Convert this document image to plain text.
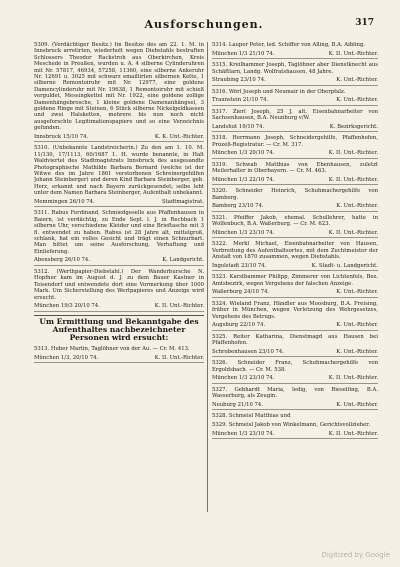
Ausforschungen.	317
5309. (Verdächtiger Besitz.) Im Besitze des am 22. 1. M. in Innsbruck arretirten, wiederholt wegen Diebstahls bestraften Schlossers Theodor Rackstroh aus Oberkirchen, Kreis Meschede in Preußen, wurden u. A. 4 silberne Cylinderuhren mit Nr. 57817, 46934, 57258, 11360, eine silberne Ankeruhr Nr. 12691 u. 3025 mit schwarz emaillirten silbernen Kette, 1 silberne Remontoiruhr mit Nr. 12977, eine goldene Damencylinderuhr mit Nr. 19638, 1 Remontoiruhr mit schieß verguldet, Messingkettel mit Nr. 1922, eine goldene zollige Damenhängebrosche, 1 kleine goldene Damenanhängsel, 3 goldene Ringe mit Steinen, 6 Stück silberne Nickelgeldkassen und zwei Halsketten, mehrere bis nun noch nicht ausgeforschte Legitimationspapiere und so eine Verzeichnis gefunden.
Innsbruck 15/10 74.	K. K. Unt.-Richter.
5310. (Unbekannte Landstreicherin.) Zu den am 1. 10. M. 11/130, 17/1113, 60/1687 1. H. wurde benannte, in Halt Waldviertel des Stadtmagistrats Innsbruck des ausgesandte Photographische Mathilde Barbara Bernard (welche ist der Witwe des im Jahre 1861 verstorbenen Schreinergehilfen Johann Steinberger) und deren Kind Barbara Steinberger, geb. Herz, erkannt und nach Bayern zurückgesendet; selbe lebt unter dem Namen Barbara Steinberger, Aufenthalt unbekannt.
Memmingen 26/10 74.	Stadtmagistrat.
5311. Rabus Ferdinand, Schmiedgeselle aus Pfaffenhausen in Baiern, ist verdächtig, zu Ende Sept. l. J. in Rechbach 1 silberne Uhr, verschiedene Kleider und eine Brieftasche mit 3 fl. entwendet zu haben. Rabus ist 28 Jahre alt, mittelgroß, schlank, hat ein volles Gesicht und trägt einen Schnurbart. Man bittet um seine Ausforschung, Verhaftung und Einlieferung.
Abensberg 26/10 74.	K. Landgericht.
5312. (Werthpapier-Diebstahl.) Der Wanderbursche N. Hopfner kam im August d. J. zu dem Bauer Kastner in Teisendorf und entwendete dort eine Vormerkung über 1000 Mark. Um Sicherstellung des Wertpapieres und Anzeige wird ersucht.
München 19/3 20/10 74.	K. II. Unt.-Richter.
Um Ermittlung und Bekanntgabe des Aufenthaltes nachbezeichneter Personen wird ersucht:
5313. Huber Martin, Taglöhner von der Au. — Cr. M. 413.
München 1/3, 20/10 74.	K. II. Unt.-Richter.
5314. Lauper Peter, led. Schiffer von Alling, B.A. Aibling.
München 1/3 21/10 74.	K. II. Unt.-Richter.
5315. Kreilhammer Joseph, Taglöhner aber Dienstknecht aus Schäftlarn, Landg. Wolfratshausen, 48 Jahre.
Straubing 23/10 74.	K. Unt.-Richter.
5316. Wörl Joseph und Neumair in der Oberpfalz.
Traunstein 21/10 74.	K. Unt.-Richter.
5317. Zierl Joseph, 25 J. alt, Eisenbahnarbeiter von Sachsenhausen, B.A. Neunburg v/W.
Landshut 19/10 74.	K. Bezirksgericht.
5318. Herrmann Joseph, Schneidergehilfe, Pfaffenhofen, Prozeß-Registratur. — Cr. M. 317.
München 1/3 20/10 74.	K. II. Unt.-Richter.
5319. Schwab Matthias von Ebenhausen, zuletzt Meilerhalter in Oberbayern. — Cr. M. 463.
München 1/3 22/10 74.	K. II. Unt.-Richter.
5320. Schneider Heinrich, Schuhmachergehilfe von Bamberg.
Bamberg 23/10 74.	K. Unt.-Richter.
5321. Pfeiffer Jakob, ehemal. Schullehrer, hatte in Wolfenbuch, B.A. Waßerburg. — Cr. M. 623.
München 1/3 23/10 74.	K. II. Unt.-Richter.
5322. Merkl Michael, Eisenbahnarbeiter von Hausen, Verbreitung des Aufenthaltsortes, mit dem Zuchtmeister der Anstalt von 1870 zusammen, wegen Diebstahls.
Ingolstadt 23/10 74.	K. Stadt- u. Landgericht.
5323. Karstbammer Philipp, Zimmerer von Lichtenfels, Bez. Amtsbezirk, wegen Vergehens der falschen Anzeige.
Waßerburg 24/10 74.	K. Unt.-Richter.
5324. Wieland Franz, Händler aus Moosburg, B.A. Freising, früher in München, wegen Verletzung des Wehrgesetzes, Vergehens des Betrugs.
Augsburg 22/10 74.	K. Unt.-Richter.
5325. Reiter Katharina, Dienstmagd aus Hausen bei Pfaffenhofen.
Schrobenhausen 23/10 74.	K. Unt.-Richter.
5326. Schneider Franz, Schuhmachergehilfe von Ergoldsbach. — Cr. M. 538.
München 1/3 23/10 74.	K. II. Unt.-Richter.
5327. Gebhardt Maria, ledig, von Rieselfing, B.A. Wasserburg, als Zeugin.
Neuburg 21/10 74.	K. Unt.-Richter.
5328. Schmeisl Matthias und
5329. Schmeisl Jakob von Winkelmann, Gerichtsvollzieher.
München 1/3 23/10 74.	K. II. Unt.-Richter.
Digitized by Google
